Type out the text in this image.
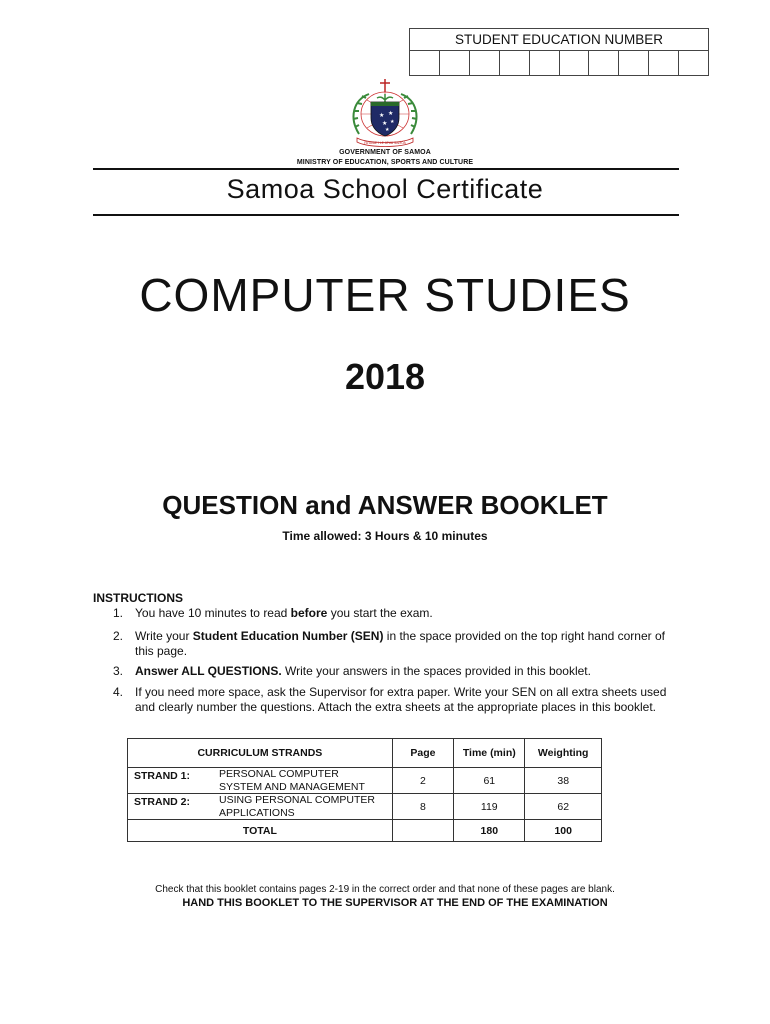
STUDENT EDUCATION NUMBER
★ ★
★ ★
★
FA'AVAE I LE ATUA SAMOA
GOVERNMENT OF SAMOA
MINISTRY OF EDUCATION, SPORTS AND CULTURE
Samoa School Certificate
COMPUTER STUDIES
2018
QUESTION and ANSWER BOOKLET
Time allowed: 3 Hours & 10 minutes
INSTRUCTIONS
1. You have 10 minutes to read before you start the exam.
2. Write your Student Education Number (SEN) in the space provided on the top right hand corner of this page.
3. Answer ALL QUESTIONS. Write your answers in the spaces provided in this booklet.
4. If you need more space, ask the Supervisor for extra paper. Write your SEN on all extra sheets used and clearly number the questions. Attach the extra sheets at the appropriate places in this booklet.
CURRICULUM STRANDS	Page	Time (min)	Weighting

STRAND 1: PERSONAL COMPUTER
SYSTEM AND MANAGEMENT	2	61	38

STRAND 2: USING PERSONAL COMPUTER
APPLICATIONS	8	119	62
TOTAL		180	100
Check that this booklet contains pages 2-19 in the correct order and that none of these pages are blank.
HAND THIS BOOKLET TO THE SUPERVISOR AT THE END OF THE EXAMINATION
